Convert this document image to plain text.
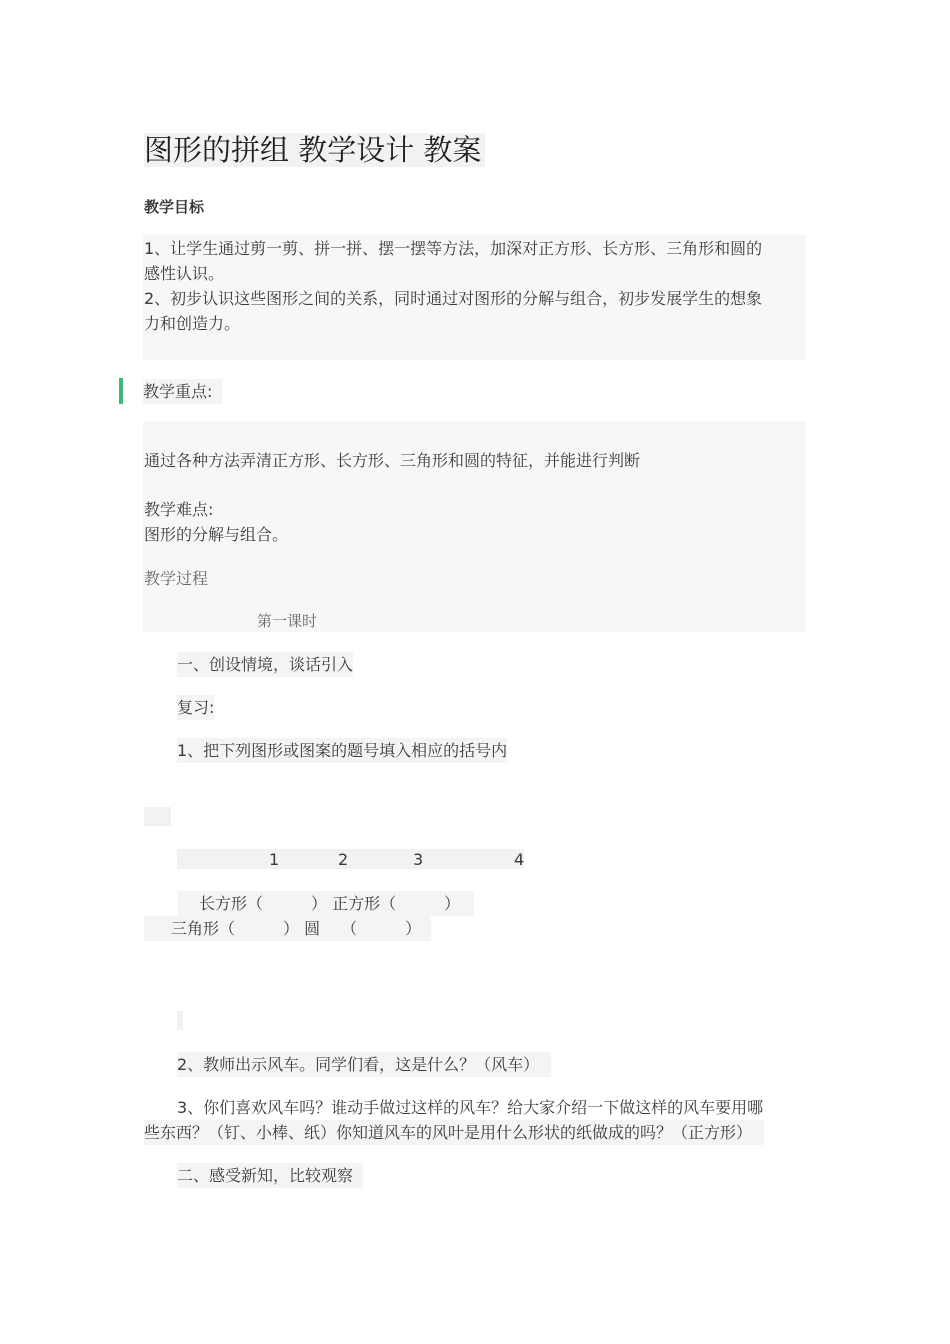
图形的拼组 教学设计 教案
教学目标
1、让学生通过剪一剪、拼一拼、摆一摆等方法，加深对正方形、长方形、三角形和圆的
感性认识。
2、初步认识这些图形之间的关系，同时通过对图形的分解与组合，初步发展学生的想象
力和创造力。
教学重点:
通过各种方法弄清正方形、长方形、三角形和圆的特征，并能进行判断
教学难点:
图形的分解与组合。
教学过程
第一课时
一、创设情境，谈话引入
复习:
1、把下列图形或图案的题号填入相应的括号内
1	2	3	4
长方形（　　　） 正方形（　　　）
三角形（　　　） 圆　 （　　　）
2、教师出示风车。同学们看，这是什么？（风车）
3、你们喜欢风车吗？谁动手做过这样的风车？给大家介绍一下做这样的风车要用哪
些东西？（钉、小棒、纸）你知道风车的风叶是用什么形状的纸做成的吗？（正方形）
二、感受新知，比较观察
